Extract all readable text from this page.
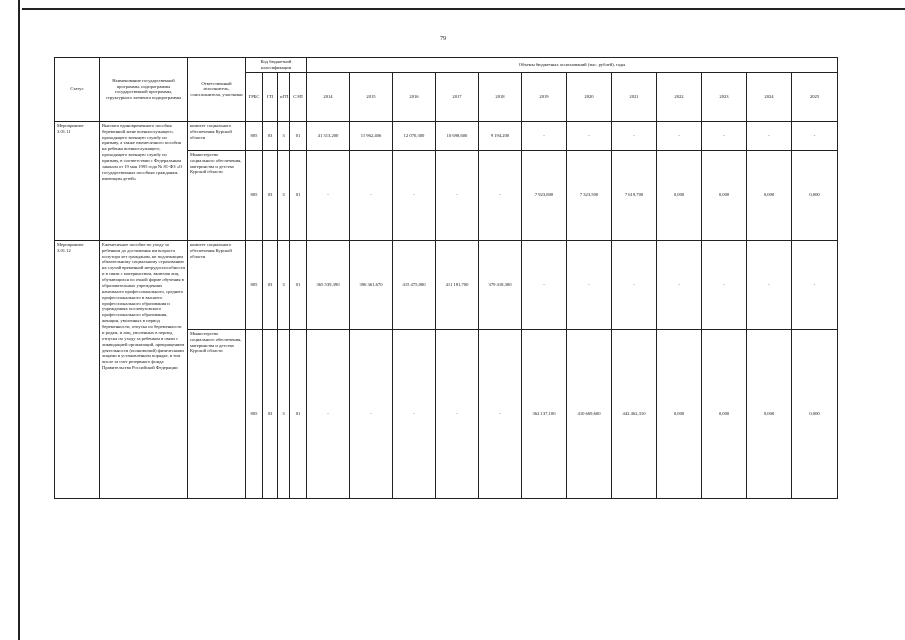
79
Статус	Наименование государственной программы, подпрограммы государственной программы, структурного элемента подпрограммы	Ответственный исполнитель, соисполнители, участники	Код бюджетной классификации				Объемы бюджетных ассигнований (тыс. рублей), годы											
			ГРБС	ГП	пГП	СЭП	2014	2015	2016	2017	2018	2019	2020	2021	2022	2023	2024	2025
Мероприятие 3.01.11	Выплата единовременного пособия беременной жене военнослужащего, проходящего военную службу по призыву, а также ежемесячного пособия на ребенка военнослужащего, проходящего военную службу по призыву, в соответствии с Федеральным законом от 19 мая 1995 года № 81-ФЗ «О государственных пособиях гражданам, имеющим детей»	комитет социального обеспечения Курской области	805	03	3	01	41 313,200	11 962,406	12 070,300	10 698,600	9 194,200	-	-	-	-	-	-	-
		Министерство социального обеспечения, материнства и детства Курской области	805	03	3	01	-	-	-	-	-	7 923,800	7 323,500	7 619,700	0,000	0,000	0,000	0,000
Мероприятие 3.01.12	Ежемесячное пособие по уходу за ребенком до достижения им возраста полутора лет гражданам, не подлежащим обязательному социальному страхованию на случай временной нетрудоспособности и в связи с материнством, включая лиц, обучающихся по очной форме обучения в образовательных учреждениях начального профессионального, среднего профессионального и высшего профессионального образования и учреждениях послевузовского профессионального образования, женщин, уволенных в период беременности, отпуска по беременности и родам, и лиц, уволенных в период отпуска по уходу за ребенком в связи с ликвидацией организаций, прекращением деятельности (полномочий) физическими лицами в установленном порядке, в том числе за счет резервного фонда Правительства Российской Федерации	комитет социального обеспечения Курской области	805	03	3	01	365 539,390	396 361,670	415 475,080	411 181,700	379 418,300	-	-	-	-	-	-	-
		Министерство социального обеспечения, материнства и детства Курской области	805	03	3	01	-	-	-	-	-	362 137,100	410 669,600	442 462,310	0,000	0,000	0,000	0,000
